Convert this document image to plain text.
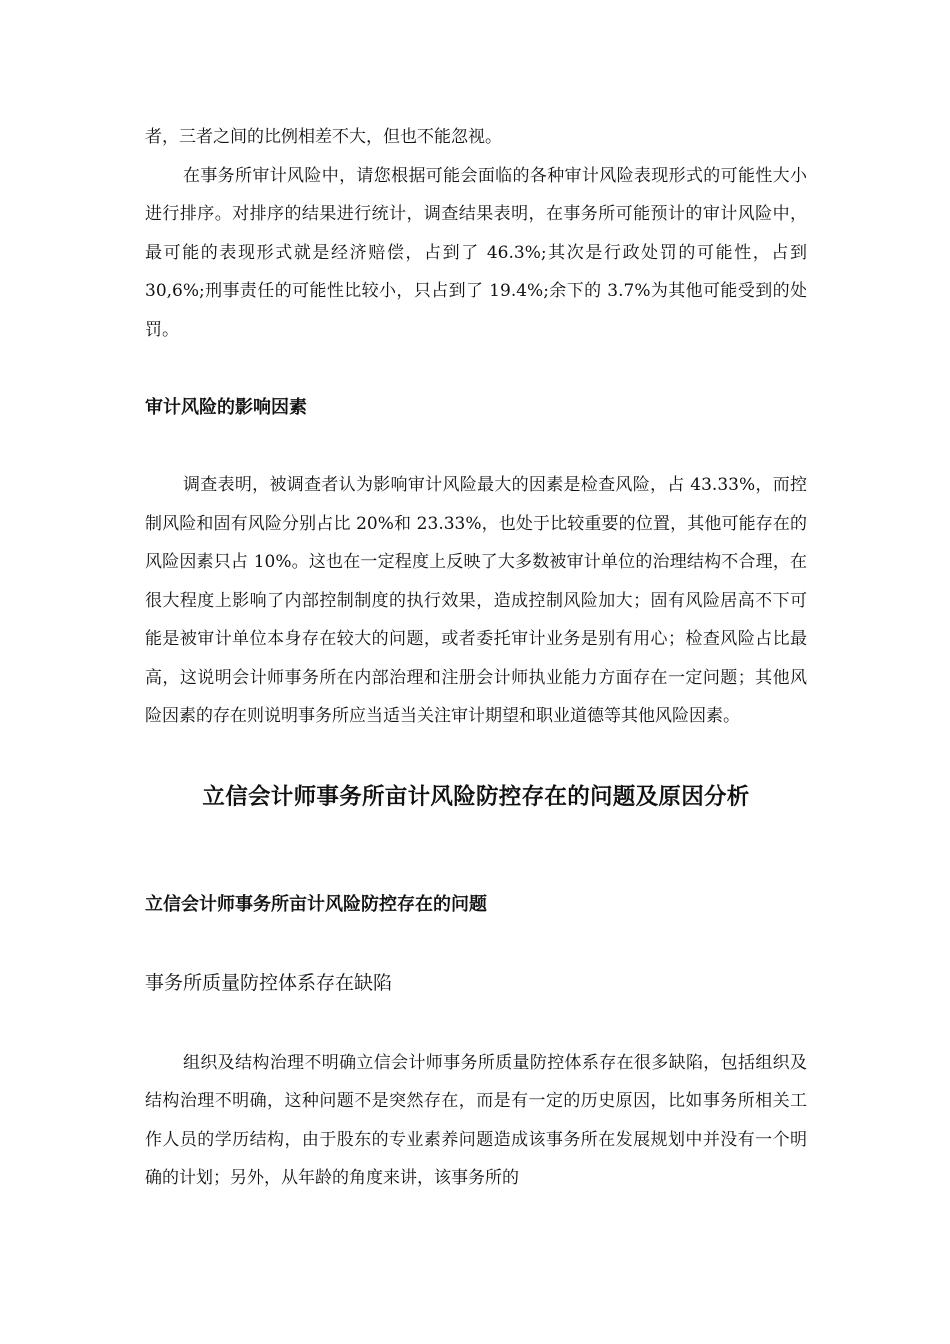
者，三者之间的比例相差不大，但也不能忽视。

在事务所审计风险中，请您根据可能会面临的各种审计风险表现形式的可能性大小进行排序。对排序的结果进行统计，调查结果表明，在事务所可能预计的审计风险中，最可能的表现形式就是经济赔偿，占到了 46.3%;其次是行政处罚的可能性，占到 30,6%;刑事责任的可能性比较小，只占到了 19.4%;余下的 3.7%为其他可能受到的处罚。

审计风险的影响因素

调查表明，被调查者认为影响审计风险最大的因素是检查风险，占 43.33%，而控制风险和固有风险分别占比 20%和 23.33%，也处于比较重要的位置，其他可能存在的风险因素只占 10%。这也在一定程度上反映了大多数被审计单位的治理结构不合理，在很大程度上影响了内部控制制度的执行效果，造成控制风险加大；固有风险居高不下可能是被审计单位本身存在较大的问题，或者委托审计业务是别有用心；检查风险占比最高，这说明会计师事务所在内部治理和注册会计师执业能力方面存在一定问题；其他风险因素的存在则说明事务所应当适当关注审计期望和职业道德等其他风险因素。

立信会计师事务所亩计风险防控存在的问题及原因分析
立信会计师事务所亩计风险防控存在的问题
事务所质量防控体系存在缺陷

组织及结构治理不明确立信会计师事务所质量防控体系存在很多缺陷，包括组织及结构治理不明确，这种问题不是突然存在，而是有一定的历史原因，比如事务所相关工作人员的学历结构，由于股东的专业素养问题造成该事务所在发展规划中并没有一个明确的计划；另外，从年龄的角度来讲，该事务所的
